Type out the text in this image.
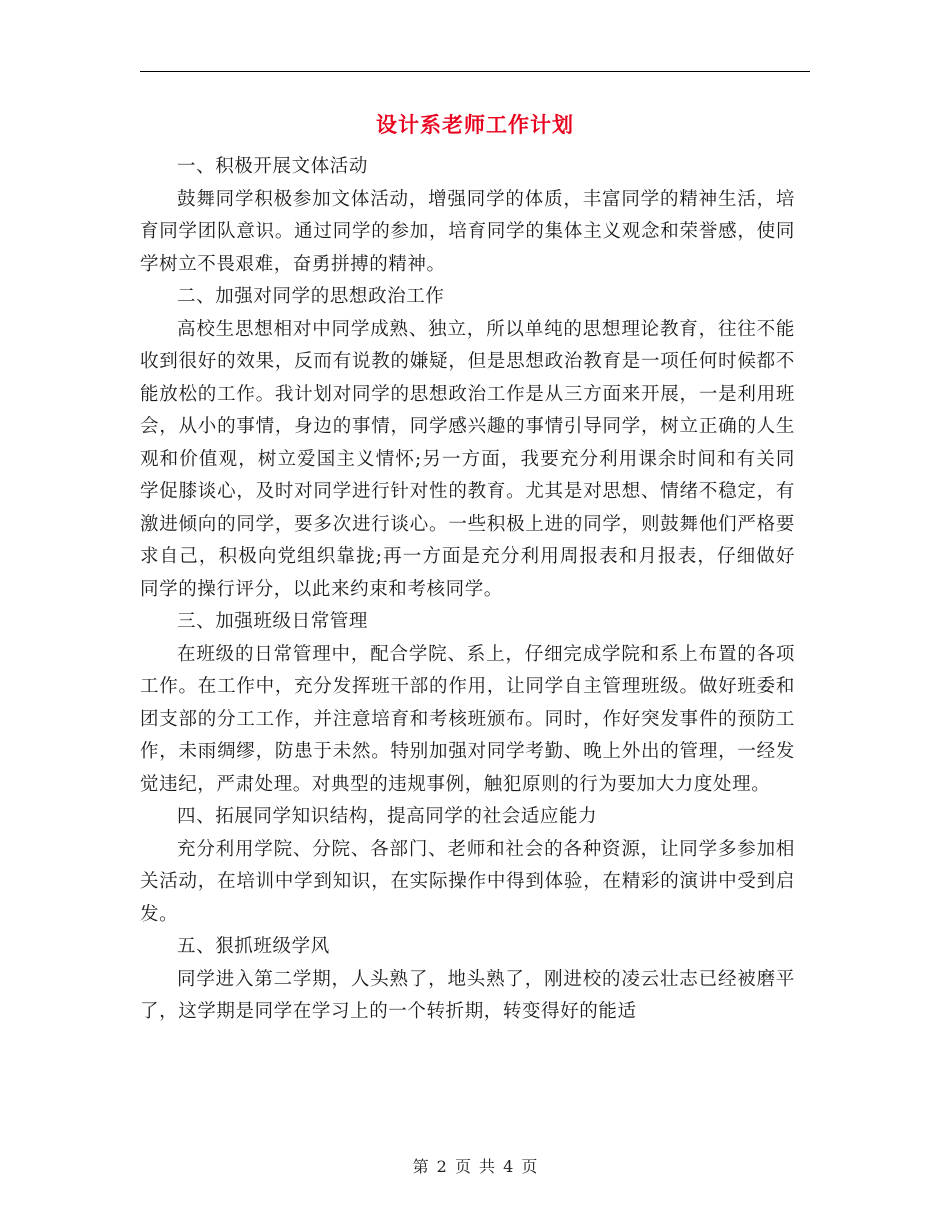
设计系老师工作计划

一、积极开展文体活动

鼓舞同学积极参加文体活动，增强同学的体质，丰富同学的精神生活，培育同学团队意识。通过同学的参加，培育同学的集体主义观念和荣誉感，使同学树立不畏艰难，奋勇拼搏的精神。

二、加强对同学的思想政治工作

高校生思想相对中同学成熟、独立，所以单纯的思想理论教育，往往不能收到很好的效果，反而有说教的嫌疑，但是思想政治教育是一项任何时候都不能放松的工作。我计划对同学的思想政治工作是从三方面来开展，一是利用班会，从小的事情，身边的事情，同学感兴趣的事情引导同学，树立正确的人生观和价值观，树立爱国主义情怀;另一方面，我要充分利用课余时间和有关同学促膝谈心，及时对同学进行针对性的教育。尤其是对思想、情绪不稳定，有激进倾向的同学，要多次进行谈心。一些积极上进的同学，则鼓舞他们严格要求自己，积极向党组织靠拢;再一方面是充分利用周报表和月报表，仔细做好同学的操行评分，以此来约束和考核同学。

三、加强班级日常管理

在班级的日常管理中，配合学院、系上，仔细完成学院和系上布置的各项工作。在工作中，充分发挥班干部的作用，让同学自主管理班级。做好班委和团支部的分工工作，并注意培育和考核班颁布。同时，作好突发事件的预防工作，未雨绸缪，防患于未然。特别加强对同学考勤、晚上外出的管理，一经发觉违纪，严肃处理。对典型的违规事例，触犯原则的行为要加大力度处理。

四、拓展同学知识结构，提高同学的社会适应能力

充分利用学院、分院、各部门、老师和社会的各种资源，让同学多参加相关活动，在培训中学到知识，在实际操作中得到体验，在精彩的演讲中受到启发。

五、狠抓班级学风

同学进入第二学期，人头熟了，地头熟了，刚进校的凌云壮志已经被磨平了，这学期是同学在学习上的一个转折期，转变得好的能适

第 2 页 共 4 页
